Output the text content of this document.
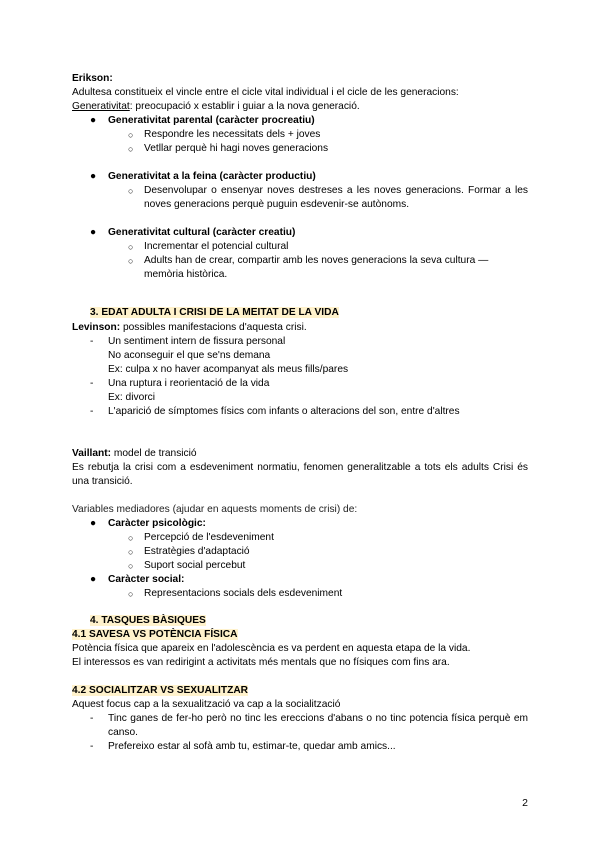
Erikson:
Adultesa constitueix el vincle entre el cicle vital individual i el cicle de les generacions:
Generativitat: preocupació x establir i guiar a la nova generació.
● Generativitat parental (caràcter procreatiu)
○ Respondre les necessitats dels + joves
○ Vetllar perquè hi hagi noves generacions
● Generativitat a la feina (caràcter productiu)
○ Desenvolupar o ensenyar noves destreses a les noves generacions. Formar a les noves generacions perquè puguin esdevenir-se autònoms.
● Generativitat cultural (caràcter creatiu)
○ Incrementar el potencial cultural
○ Adults han de crear, compartir amb les noves generacions la seva cultura — memòria històrica.
3. EDAT ADULTA I CRISI DE LA MEITAT DE LA VIDA
Levinson: possibles manifestacions d'aquesta crisi.
- Un sentiment intern de fissura personal
No aconseguir el que se'ns demana
Ex: culpa x no haver acompanyat als meus fills/pares
- Una ruptura i reorientació de la vida
Ex: divorci
- L'aparició de símptomes físics com infants o alteracions del son, entre d'altres
Vaillant: model de transició
Es rebutja la crisi com a esdeveniment normatiu, fenomen generalitzable a tots els adults Crisi és una transició.
Variables mediadores (ajudar en aquests moments de crisi) de:
● Caràcter psicològic:
○ Percepció de l'esdeveniment
○ Estratègies d'adaptació
○ Suport social percebut
● Caràcter social:
○ Representacions socials dels esdeveniment
4. TASQUES BÀSIQUES
4.1 SAVESA VS POTÈNCIA FÍSICA
Potència física que apareix en l'adolescència es va perdent en aquesta etapa de la vida.
El interessos es van redirigint a activitats més mentals que no físiques com fins ara.
4.2 SOCIALITZAR VS SEXUALITZAR
Aquest focus cap a la sexualització va cap a la socialització
- Tinc ganes de fer-ho però no tinc les ereccions d'abans o no tinc potencia física perquè em canso.
- Prefereixo estar al sofà amb tu, estimar-te, quedar amb amics...
2
